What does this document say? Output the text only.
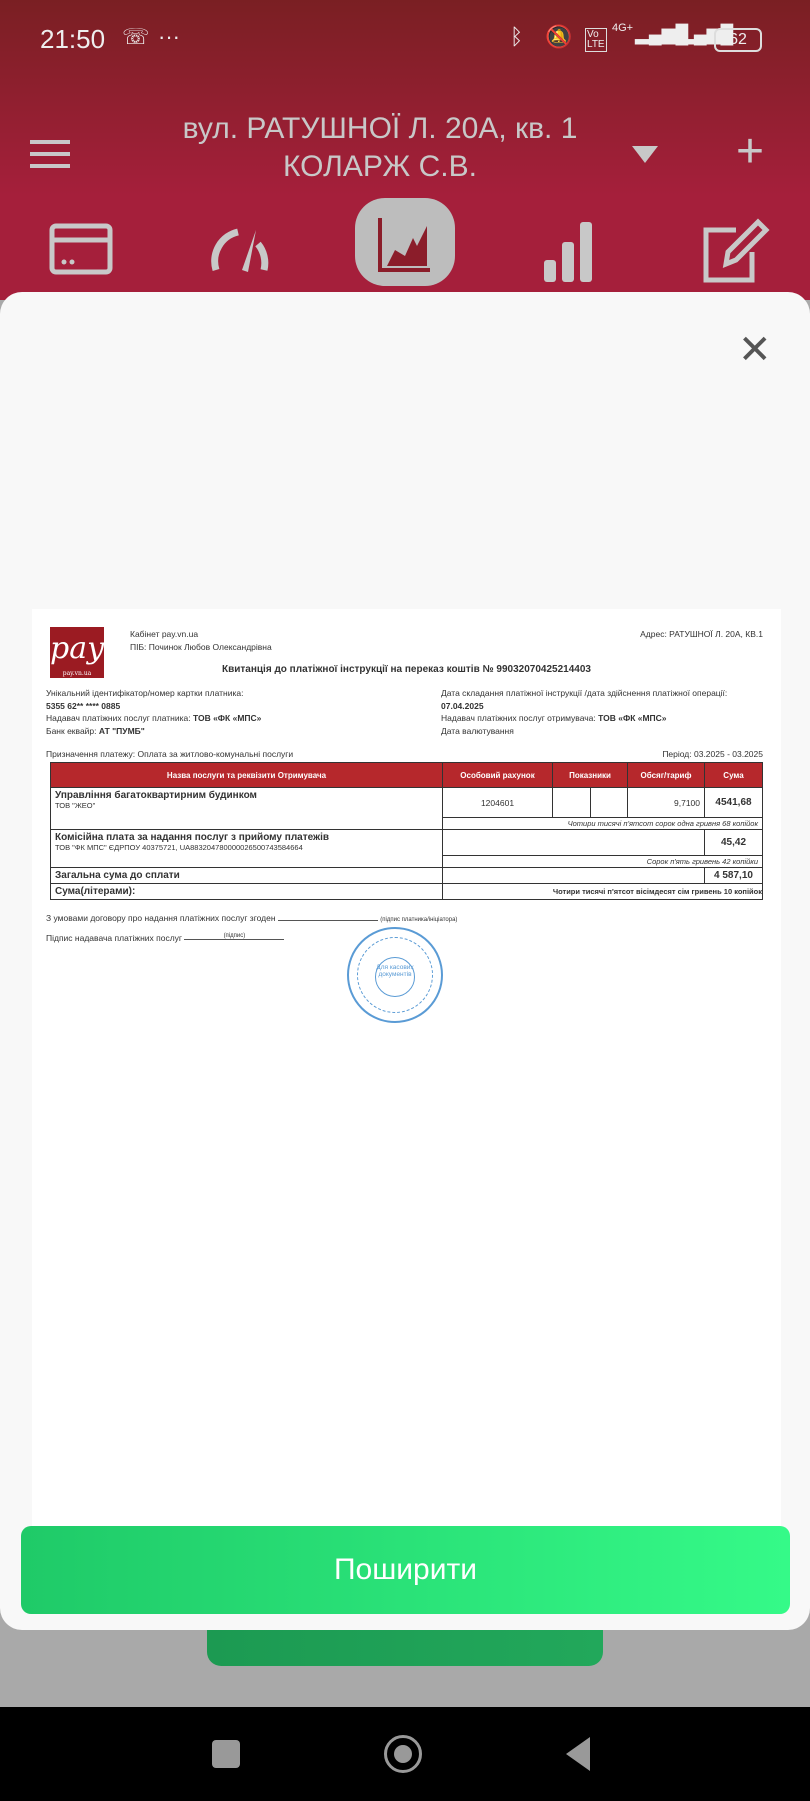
21:50 ☏ ···	ᛒ 🔕 Vo LTE
4G+ ▂▄▆█
▂▄▆█
62
вул. РАТУШНОЇ Л. 20А, кв. 1
КОЛАРЖ С.В.	+
✕
pay
pay.vn.ua
Кабінет pay.vn.ua
ПІБ: Починок Любов Олександрівна
Адрес: РАТУШНОЇ Л. 20А, КВ.1
Квитанція до платіжної інструкції на переказ коштів № 99032070425214403
Унікальний ідентифікатор/номер картки платника:
5355 62** **** 0885
Надавач платіжних послуг платника: ТОВ «ФК «МПС»
Банк еквайр: АТ "ПУМБ"
Дата складання платіжної інструкції /дата здійснення платіжної операції:
07.04.2025
Надавач платіжних послуг отримувача: ТОВ «ФК «МПС»
Дата валютування
Призначення платежу: Оплата за житлово-комунальні послуги	Період: 03.2025 - 03.2025
Назва послуги та реквізити Отримувача	Особовий рахунок	Показники		Обсяг/тариф	Сума

Управління багатоквартирним будинком
ТОВ "ЖЕО"	1204601			9,7100	4541,68
	Чотири тисячі п'ятсот сорок одна гривня 68 копійок				

Комісійна плата за надання послуг з прийому платежів
ТОВ "ФК МПС" ЄДРПОУ 40375721, UA883204780000026500743584664					45,42
	Сорок п'ять гривень 42 копійки				
Загальна сума до сплати					4 587,10
Сума(літерами):	Чотири тисячі п'ятсот вісімдесят сім гривень 10 копійок				
З умовами договору про надання платіжних послуг згоден	(підпис платника/ініціатора)
Підпис надавача платіжних послуг	(підпис)
Для касових документів
Поширити
